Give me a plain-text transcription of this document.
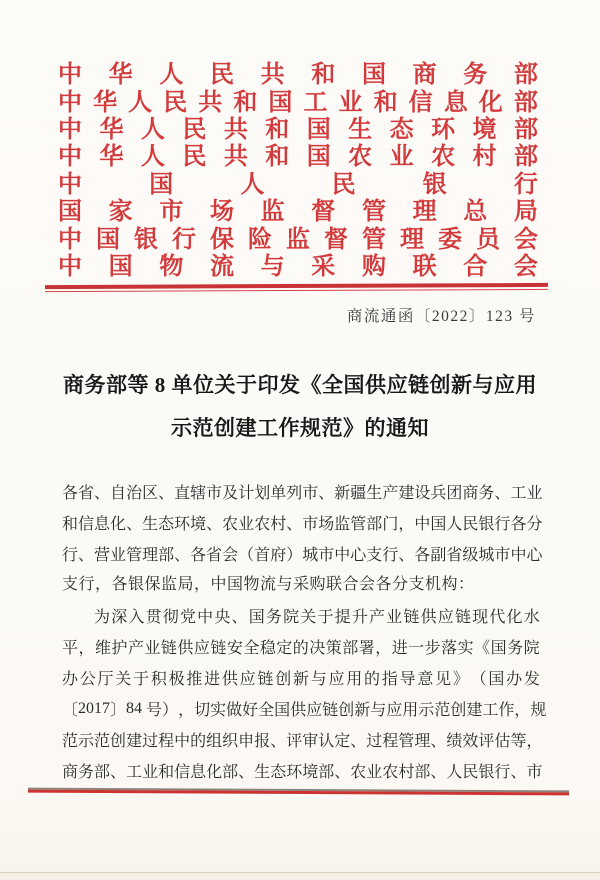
中 华 人 民 共 和 国 商 务 部
中 华 人 民 共 和 国 工 业 和 信 息 化 部
中 华 人 民 共 和 国 生 态 环 境 部
中 华 人 民 共 和 国 农 业 农 村 部
中	国	人	民	银	行
国 家 市 场 监 督 管 理 总 局
中 国 银 行 保 险 监 督 管 理 委 员 会
中 国 物 流 与 采 购 联 合 会
商流通函〔2022〕123 号
商务部等 8 单位关于印发《全国供应链创新与应用
示范创建工作规范》的通知
各 省 、 自 治 区 、 直 辖 市 及 计 划 单 列 市 、 新 疆 生 产 建 设 兵 团 商 务 、 工 业
和 信 息 化 、 生 态 环 境 、 农 业 农 村 、 市 场 监 管 部 门 ， 中 国 人 民 银 行 各 分
行 、 营 业 管 理 部 、 各 省 会 （ 首 府 ） 城 市 中 心 支 行 、 各 副 省 级 城 市 中 心
支行，各银保监局，中国物流与采购联合会各分支机构：
为 深 入 贯 彻 党 中 央 、 国 务 院 关 于 提 升 产 业 链 供 应 链 现 代 化 水
平 ， 维 护 产 业 链 供 应 链 安 全 稳 定 的 决 策 部 署 ， 进 一 步 落 实 《 国 务 院
办 公 厅 关 于 积 极 推 进 供 应 链 创 新 与 应 用 的 指 导 意 见 》 （ 国 办 发
〔 2017 〕 84 号 ） ， 切 实 做 好 全 国 供 应 链 创 新 与 应 用 示 范 创 建 工 作 ， 规
范 示 范 创 建 过 程 中 的 组 织 申 报 、 评 审 认 定 、 过 程 管 理 、 绩 效 评 估 等 ，
商 务 部 、 工 业 和 信 息 化 部 、 生 态 环 境 部 、 农 业 农 村 部 、 人 民 银 行 、 市
